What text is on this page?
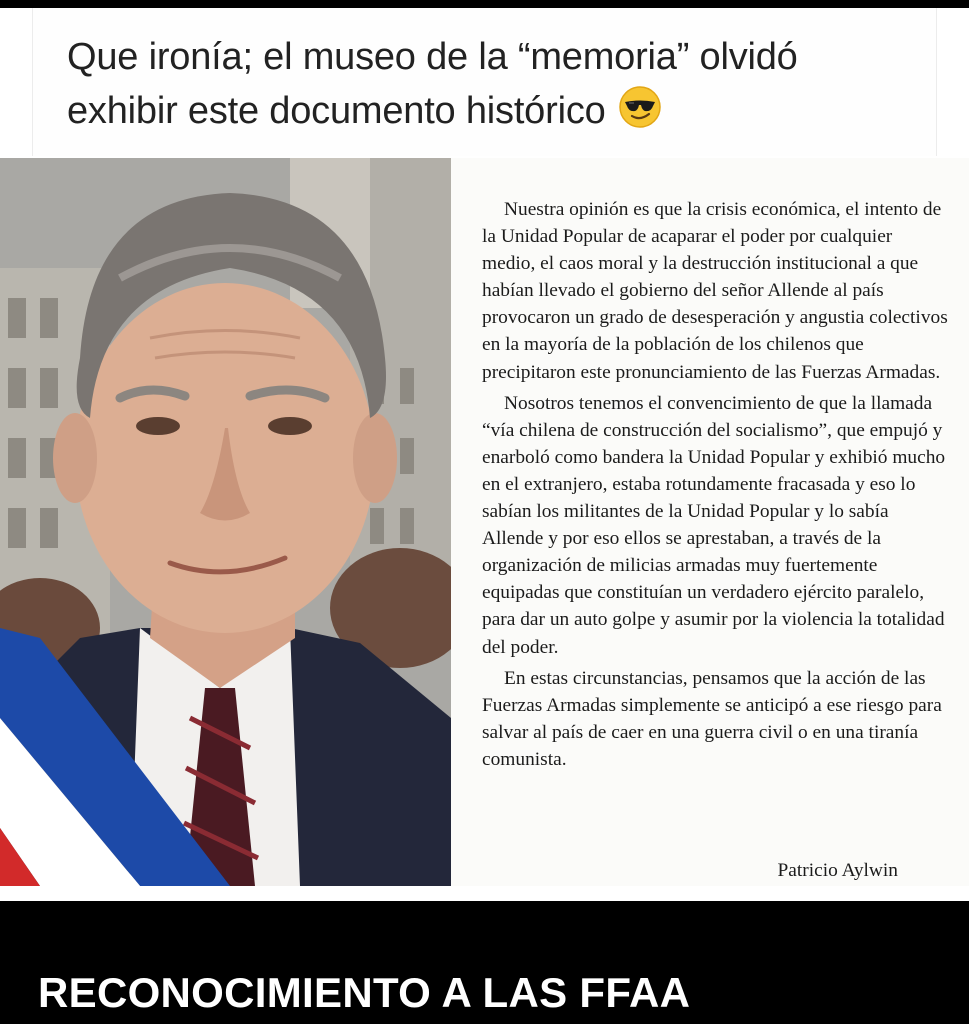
Que ironía; el museo de la “memoria” olvidó
exhibir este documento histórico

Nuestra opinión es que la crisis económica, el intento de la Unidad Popular de acaparar el poder por cualquier medio, el caos moral y la destrucción institucional a que habían llevado el gobierno del señor Allende al país provocaron un grado de desesperación y angustia colectivos en la mayoría de la población de los chilenos que precipitaron este pronunciamiento de las Fuerzas Armadas.

Nosotros tenemos el convencimiento de que la llamada “vía chilena de construcción del socialismo”, que empujó y enarboló como bandera la Unidad Popular y exhibió mucho en el extranjero, estaba rotundamente fracasada y eso lo sabían los militantes de la Unidad Popular y lo sabía Allende y por eso ellos se aprestaban, a través de la organización de milicias armadas muy fuertemente equipadas que constituían un verdadero ejército paralelo, para dar un auto golpe y asumir por la violencia la totalidad del poder.

En estas circunstancias, pensamos que la acción de las Fuerzas Armadas simplemente se anticipó a ese riesgo para salvar al país de caer en una guerra civil o en una tiranía comunista.

Patricio Aylwin
RECONOCIMIENTO A LAS FFAA
